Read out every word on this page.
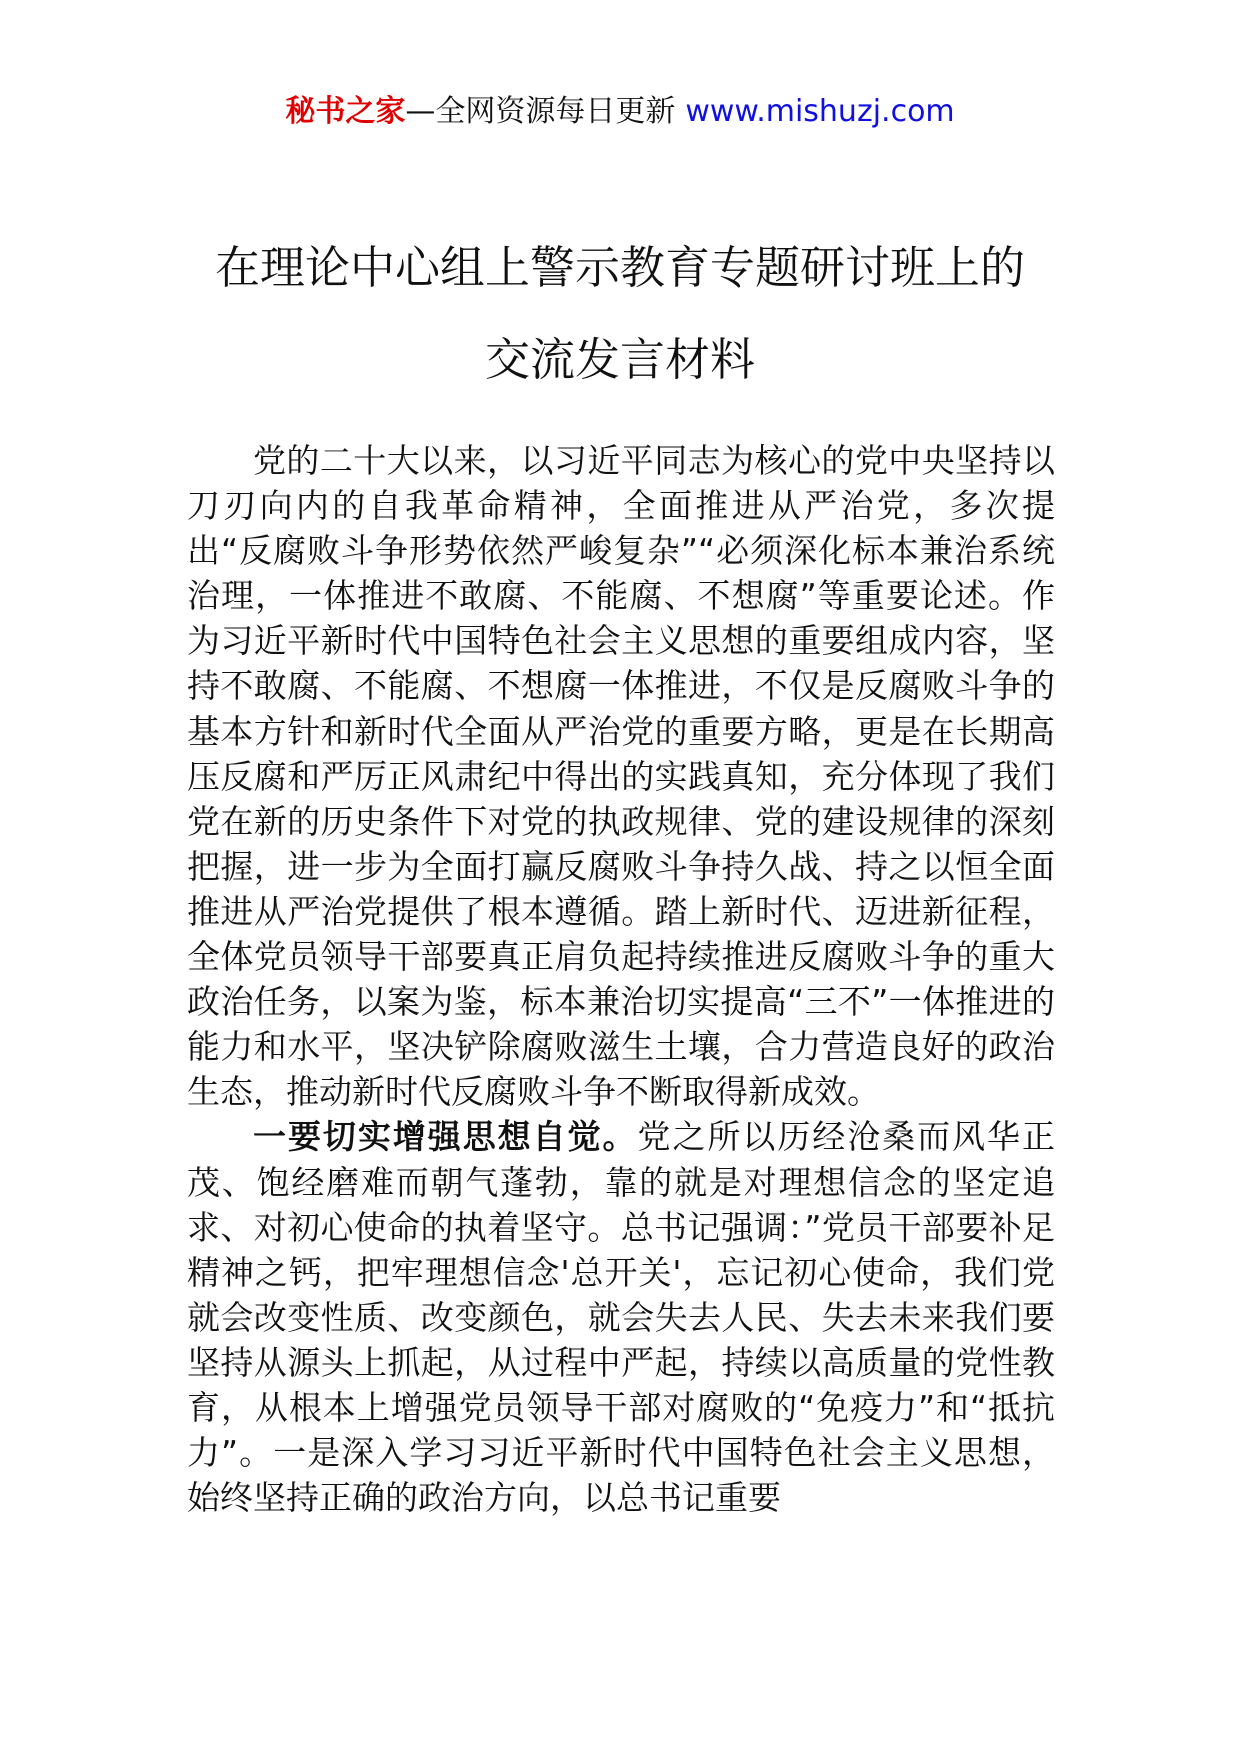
秘书之家—全网资源每日更新 www.mishuzj.com
在理论中心组上警示教育专题研讨班上的
交流发言材料

党的二十大以来，以习近平同志为核心的党中央坚持以刀刃向内的自我革命精神，全面推进从严治党，多次提出“反腐败斗争形势依然严峻复杂”“必须深化标本兼治系统治理，一体推进不敢腐、不能腐、不想腐”等重要论述。作为习近平新时代中国特色社会主义思想的重要组成内容，坚持不敢腐、不能腐、不想腐一体推进，不仅是反腐败斗争的基本方针和新时代全面从严治党的重要方略，更是在长期高压反腐和严厉正风肃纪中得出的实践真知，充分体现了我们党在新的历史条件下对党的执政规律、党的建设规律的深刻把握，进一步为全面打赢反腐败斗争持久战、持之以恒全面推进从严治党提供了根本遵循。踏上新时代、迈进新征程，全体党员领导干部要真正肩负起持续推进反腐败斗争的重大政治任务，以案为鉴，标本兼治切实提高“三不”一体推进的能力和水平，坚决铲除腐败滋生土壤，合力营造良好的政治生态，推动新时代反腐败斗争不断取得新成效。

一要切实增强思想自觉。党之所以历经沧桑而风华正茂、饱经磨难而朝气蓬勃，靠的就是对理想信念的坚定追求、对初心使命的执着坚守。总书记强调：”党员干部要补足精神之钙，把牢理想信念'总开关'，忘记初心使命，我们党就会改变性质、改变颜色，就会失去人民、失去未来我们要坚持从源头上抓起，从过程中严起，持续以高质量的党性教育，从根本上增强党员领导干部对腐败的“免疫力”和“抵抗力”。一是深入学习习近平新时代中国特色社会主义思想，始终坚持正确的政治方向，以总书记重要
